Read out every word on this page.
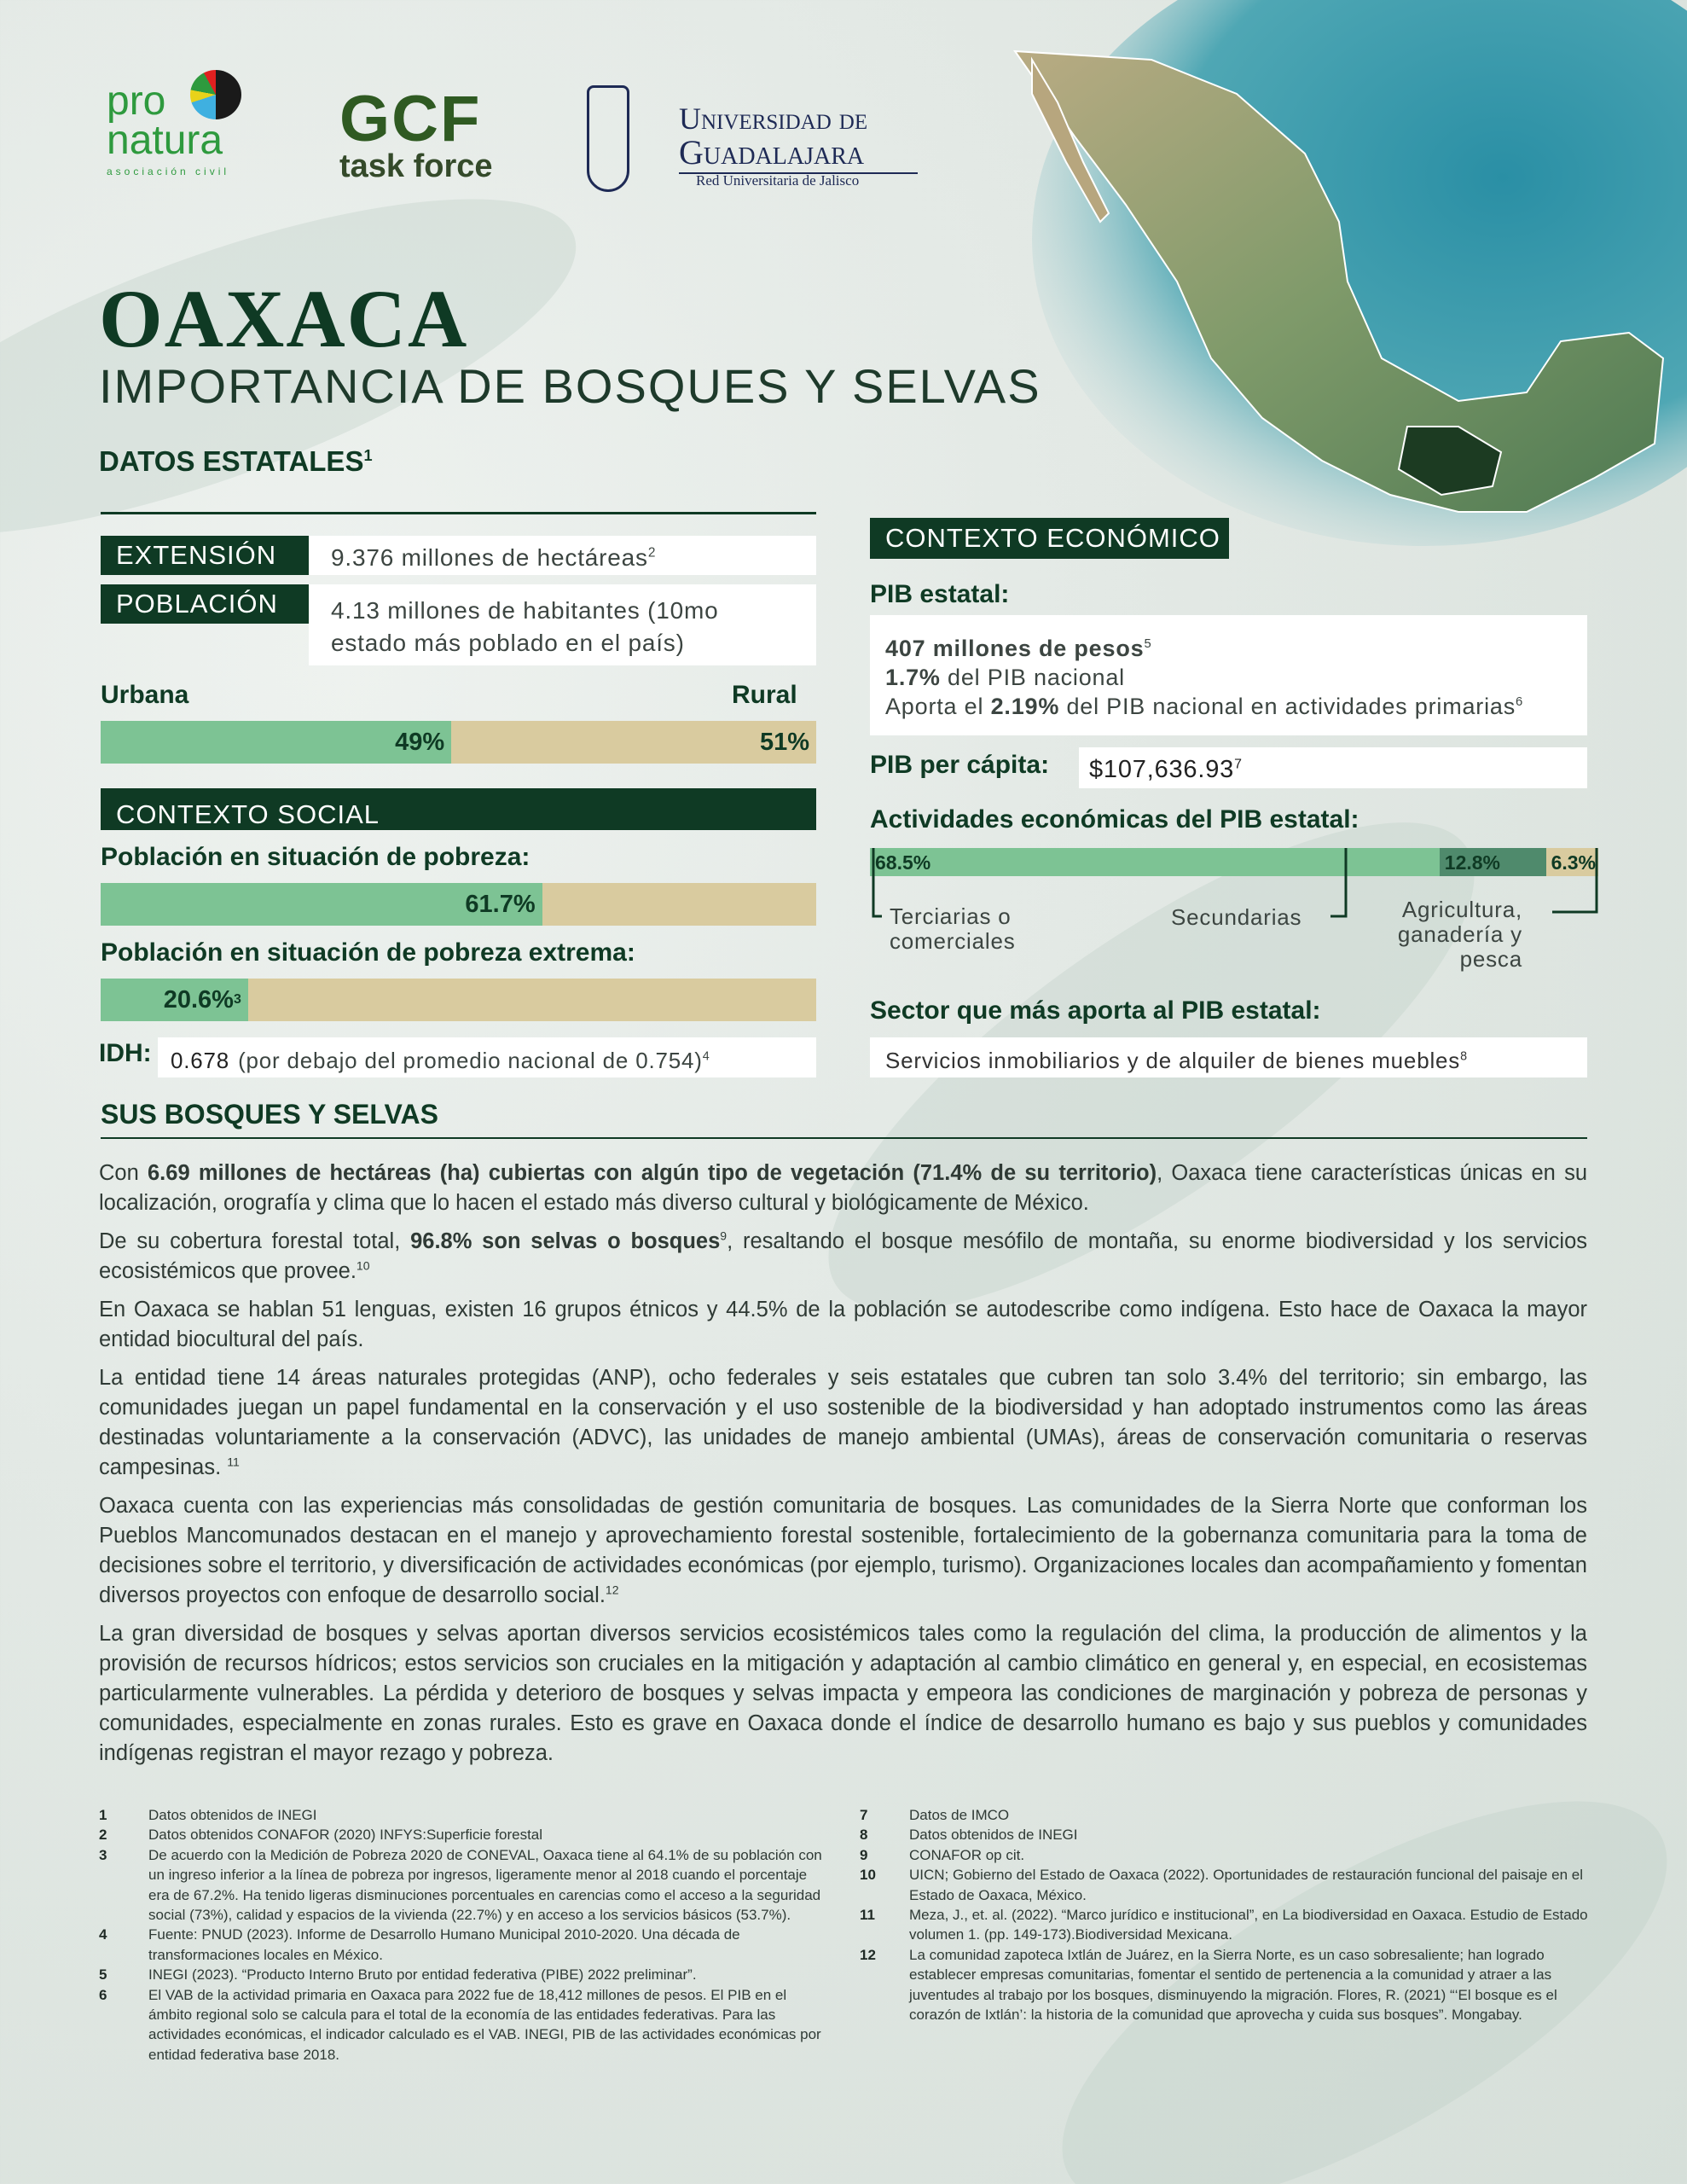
pro
natura
asociación civil
GCF
task force
Universidad de
Guadalajara
Red Universitaria de Jalisco
OAXACA
IMPORTANCIA DE BOSQUES Y SELVAS
DATOS ESTATALES$^1$
EXTENSIÓN	9.376 millones de hectáreas$^2$
POBLACIÓN	4.13 millones de habitantes (10mo estado más poblado en el país)
Urbana	Rural
49%	51%
CONTEXTO SOCIAL
Población en situación de pobreza:
61.7%
Población en situación de pobreza extrema:
20.6% 3
IDH: 0.678 (por debajo del promedio nacional de 0.754)$^4$
CONTEXTO ECONÓMICO
PIB estatal:
407 millones de pesos$^5$
1.7% del PIB nacional
Aporta el 2.19% del PIB nacional en actividades primarias$^6$
PIB per cápita:	$107,636.93$^7$
Actividades económicas del PIB estatal:
68.5%	12.8%	6.3%
Terciarias o comerciales
Secundarias	Agricultura, ganadería y pesca
Sector que más aporta al PIB estatal:
Servicios inmobiliarios y de alquiler de bienes muebles$^8$
SUS BOSQUES Y SELVAS

Con 6.69 millones de hectáreas (ha) cubiertas con algún tipo de vegetación (71.4% de su territorio), Oaxaca tiene características únicas en su localización, orografía y clima que lo hacen el estado más diverso cultural y biológicamente de México.

De su cobertura forestal total, 96.8% son selvas o bosques$^9$, resaltando el bosque mesófilo de montaña, su enorme biodiversidad y los servicios ecosistémicos que provee.$^{10}$

En Oaxaca se hablan 51 lenguas, existen 16 grupos étnicos y 44.5% de la población se autodescribe como indígena. Esto hace de Oaxaca la mayor entidad biocultural del país.

La entidad tiene 14 áreas naturales protegidas (ANP), ocho federales y seis estatales que cubren tan solo 3.4% del territorio; sin embargo, las comunidades juegan un papel fundamental en la conservación y el uso sostenible de la biodiversidad y han adoptado instrumentos como las áreas destinadas voluntariamente a la conservación (ADVC), las unidades de manejo ambiental (UMAs), áreas de conservación comunitaria o reservas campesinas. $^{11}$

Oaxaca cuenta con las experiencias más consolidadas de gestión comunitaria de bosques. Las comunidades de la Sierra Norte que conforman los Pueblos Mancomunados destacan en el manejo y aprovechamiento forestal sostenible, fortalecimiento de la gobernanza comunitaria para la toma de decisiones sobre el territorio, y diversificación de actividades económicas (por ejemplo, turismo). Organizaciones locales dan acompañamiento y fomentan diversos proyectos con enfoque de desarrollo social.$^{12}$

La gran diversidad de bosques y selvas aportan diversos servicios ecosistémicos tales como la regulación del clima, la producción de alimentos y la provisión de recursos hídricos; estos servicios son cruciales en la mitigación y adaptación al cambio climático en general y, en especial, en ecosistemas particularmente vulnerables. La pérdida y deterioro de bosques y selvas impacta y empeora las condiciones de marginación y pobreza de personas y comunidades, especialmente en zonas rurales. Esto es grave en Oaxaca donde el índice de desarrollo humano es bajo y sus pueblos y comunidades indígenas registran el mayor rezago y pobreza.

1	Datos obtenidos de INEGI
2	Datos obtenidos CONAFOR (2020) INFYS:Superficie forestal
3	De acuerdo con la Medición de Pobreza 2020 de CONEVAL, Oaxaca tiene al 64.1% de su población con un ingreso inferior a la línea de pobreza por ingresos, ligeramente menor al 2018 cuando el porcentaje era de 67.2%. Ha tenido ligeras disminuciones porcentuales en carencias como el acceso a la seguridad social (73%), calidad y espacios de la vivienda (22.7%) y en acceso a los servicios básicos (53.7%).
4	Fuente: PNUD (2023). Informe de Desarrollo Humano Municipal 2010-2020. Una década de transformaciones locales en México.
5	INEGI (2023). “Producto Interno Bruto por entidad federativa (PIBE) 2022 preliminar”.
6	El VAB de la actividad primaria en Oaxaca para 2022 fue de 18,412 millones de pesos. El PIB en el ámbito regional solo se calcula para el total de la economía de las entidades federativas. Para las actividades económicas, el indicador calculado es el VAB. INEGI, PIB de las actividades económicas por entidad federativa base 2018.
7	Datos de IMCO
8	Datos obtenidos de INEGI
9	CONAFOR op cit.
10	UICN; Gobierno del Estado de Oaxaca (2022). Oportunidades de restauración funcional del paisaje en el Estado de Oaxaca, México.
11	Meza, J., et. al. (2022). “Marco jurídico e institucional”, en La biodiversidad en Oaxaca. Estudio de Estado volumen 1. (pp. 149-173).Biodiversidad Mexicana.
12	La comunidad zapoteca Ixtlán de Juárez, en la Sierra Norte, es un caso sobresaliente; han logrado establecer empresas comunitarias, fomentar el sentido de pertenencia a la comunidad y atraer a las juventudes al trabajo por los bosques, disminuyendo la migración. Flores, R. (2021) “‘El bosque es el corazón de Ixtlán’: la historia de la comunidad que aprovecha y cuida sus bosques”. Mongabay.
